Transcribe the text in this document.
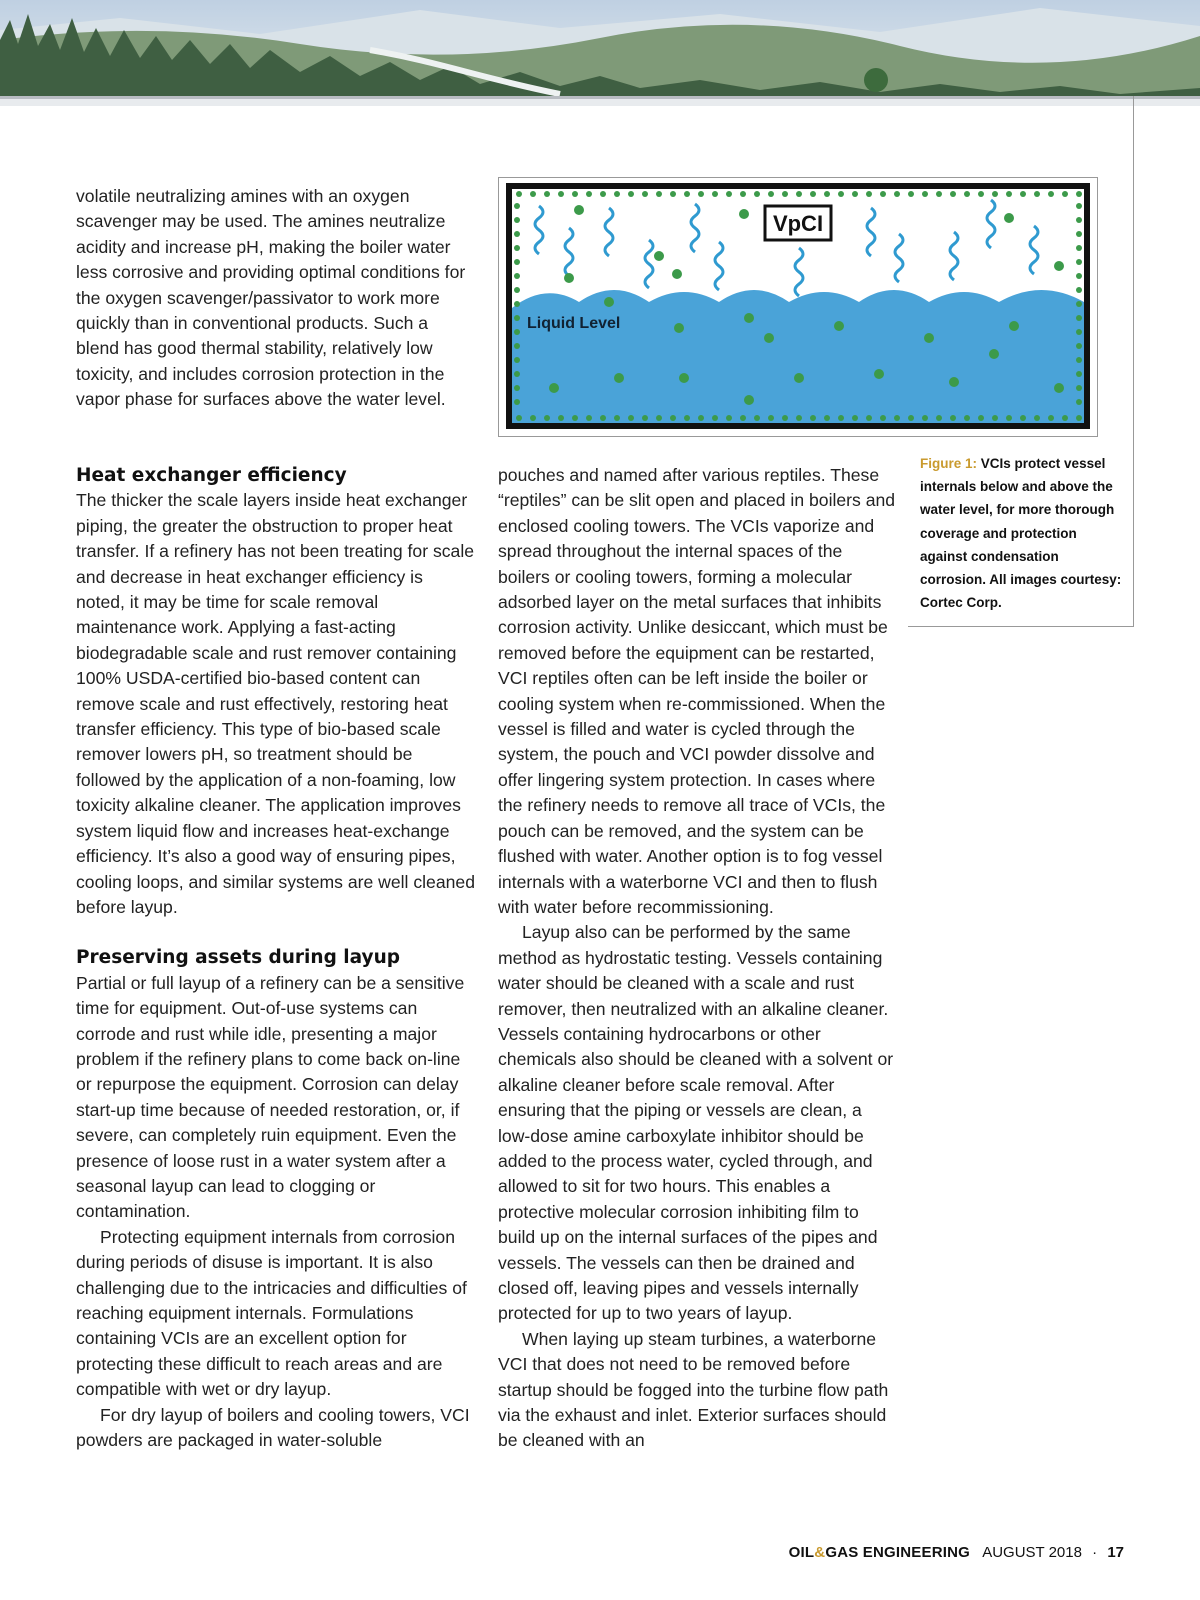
VpCI
Liquid Level
Figure 1: VCIs protect vessel internals below and above the water level, for more thorough coverage and protection against condensation corrosion. All images courtesy: Cortec Corp.

volatile neutralizing amines with an oxygen scavenger may be used. The amines neutralize acidity and increase pH, making the boiler water less corrosive and providing optimal conditions for the oxygen scavenger/passivator to work more quickly than in conventional products. Such a blend has good thermal stability, relatively low toxicity, and includes corrosion protection in the vapor phase for surfaces above the water level.

Heat exchanger efficiency

The thicker the scale layers inside heat exchanger piping, the greater the obstruction to proper heat transfer. If a refinery has not been treating for scale and decrease in heat exchanger efficiency is noted, it may be time for scale removal maintenance work. Applying a fast-acting biodegradable scale and rust remover containing 100% USDA-certified bio-based content can remove scale and rust effectively, restoring heat transfer efficiency. This type of bio-based scale remover lowers pH, so treatment should be followed by the application of a non-foaming, low toxicity alkaline cleaner. The application improves system liquid flow and increases heat-exchange efficiency. It’s also a good way of ensuring pipes, cooling loops, and similar systems are well cleaned before layup.

Preserving assets during layup

Partial or full layup of a refinery can be a sensitive time for equipment. Out-of-use systems can corrode and rust while idle, presenting a major problem if the refinery plans to come back on-line or repurpose the equipment. Corrosion can delay start-up time because of needed restoration, or, if severe, can completely ruin equipment. Even the presence of loose rust in a water system after a seasonal layup can lead to clogging or contamination.

Protecting equipment internals from corrosion during periods of disuse is important. It is also challenging due to the intricacies and difficulties of reaching equipment internals. Formulations containing VCIs are an excellent option for protecting these difficult to reach areas and are compatible with wet or dry layup.

For dry layup of boilers and cooling towers, VCI powders are packaged in water-soluble

pouches and named after various reptiles. These “reptiles” can be slit open and placed in boilers and enclosed cooling towers. The VCIs vaporize and spread throughout the internal spaces of the boilers or cooling towers, forming a molecular adsorbed layer on the metal surfaces that inhibits corrosion activity. Unlike desiccant, which must be removed before the equipment can be restarted, VCI reptiles often can be left inside the boiler or cooling system when re-commissioned. When the vessel is filled and water is cycled through the system, the pouch and VCI powder dissolve and offer lingering system protection. In cases where the refinery needs to remove all trace of VCIs, the pouch can be removed, and the system can be flushed with water. Another option is to fog vessel internals with a waterborne VCI and then to flush with water before recommissioning.

Layup also can be performed by the same method as hydrostatic testing. Vessels containing water should be cleaned with a scale and rust remover, then neutralized with an alkaline cleaner. Vessels containing hydrocarbons or other chemicals also should be cleaned with a solvent or alkaline cleaner before scale removal. After ensuring that the piping or vessels are clean, a low-dose amine carboxylate inhibitor should be added to the process water, cycled through, and allowed to sit for two hours. This enables a protective molecular corrosion inhibiting film to build up on the internal surfaces of the pipes and vessels. The vessels can then be drained and closed off, leaving pipes and vessels internally protected for up to two years of layup.

When laying up steam turbines, a waterborne VCI that does not need to be removed before startup should be fogged into the turbine flow path via the exhaust and inlet. Exterior surfaces should be cleaned with an

OIL&GAS ENGINEERING AUGUST 2018 · 17
